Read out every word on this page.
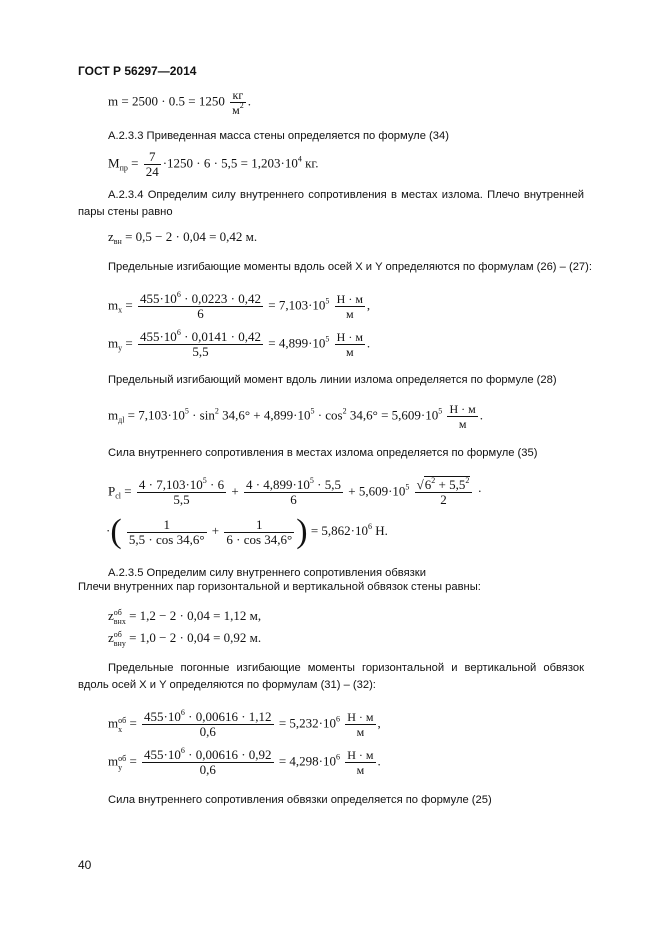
ГОСТ Р 56297—2014
$m = 2500 \cdot 0.5 = 1250 \frac{кг}{м^2}$ .
А.2.3.3 Приведенная масса стены определяется по формуле (34)
$M_{пр} = \frac{7}{24} \cdot 1250 \cdot 6 \cdot 5,5 = 1,203\cdot 10^4$ кг.
А.2.3.4 Определим силу внутреннего сопротивления в местах излома. Плечо внутренней пары стены равно
$z_{вн} = 0,5 - 2 \cdot 0,04 = 0,42$ м.
Предельные изгибающие моменты вдоль осей X и Y определяются по формулам (26) – (27):
$m_x = \frac{455\cdot 10^6 \cdot 0,0223 \cdot 0,42}{6} = 7,103\cdot 10^5 \frac{Н \cdot м}{м}$ ,
$m_y = \frac{455\cdot 10^6 \cdot 0,0141 \cdot 0,42}{5,5} = 4,899\cdot 10^5 \frac{Н \cdot м}{м}$ .
Предельный изгибающий момент вдоль линии излома определяется по формуле (28)
$m_{дl} = 7,103\cdot 10^5 \cdot \sin^2 34,6^\circ + 4,899\cdot 10^5 \cdot \cos^2 34,6^\circ = 5,609\cdot 10^5 \frac{Н \cdot м}{м}$ .
Сила внутреннего сопротивления в местах излома определяется по формуле (35)
$P_{cl} = \frac{4 \cdot 7,103\cdot 10^5 \cdot 6}{5,5} + \frac{4 \cdot 4,899\cdot 10^5 \cdot 5,5}{6} + 5,609\cdot 10^5 \frac{√6^2 + 5,5^2}{2}$ ·
·( $\frac{1}{5,5 \cdot \cos 34,6^\circ} + \frac{1}{6 \cdot \cos 34,6^\circ}$ ) = $5,862\cdot 10^6$ Н.
А.2.3.5 Определим силу внутреннего сопротивления обвязки
Плечи внутренних пар горизонтальной и вертикальной обвязок стены равны:
z об
внх = 1,2 − 2 · 0,04 = 1,12 м,
z об
вну = 1,0 − 2 · 0,04 = 0,92 м.
Предельные погонные изгибающие моменты горизонтальной и вертикальной обвязок вдоль осей X и Y определяются по формулам (31) – (32):
m об
$x = \frac{455\cdot 10^6 \cdot 0,00616 \cdot 1,12}{0,6} = 5,232\cdot 10^6 \frac{Н \cdot м}{м}$ ,
m об
$y = \frac{455\cdot 10^6 \cdot 0,00616 \cdot 0,92}{0,6} = 4,298\cdot 10^6 \frac{Н \cdot м}{м}$ .
Сила внутреннего сопротивления обвязки определяется по формуле (25)
40
